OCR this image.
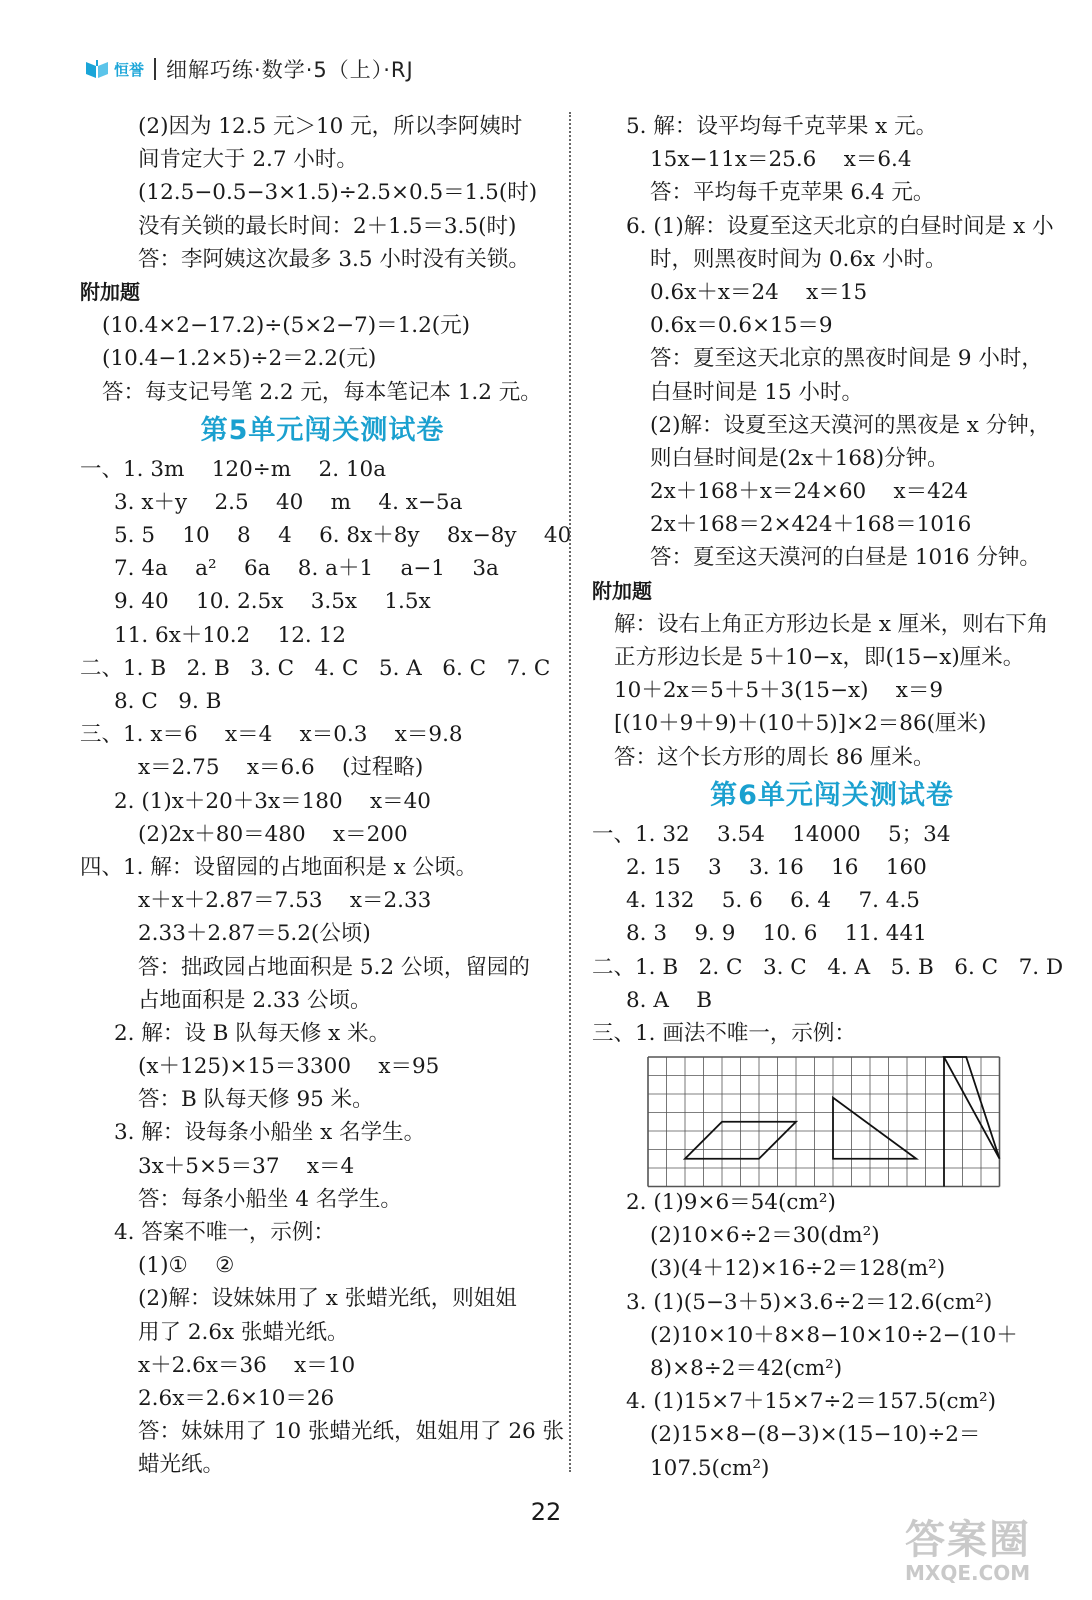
恒誉 细解巧练·数学·5（上）·RJ
(2)因为 12.5 元＞10 元，所以李阿姨时
间肯定大于 2.7 小时。
(12.5−0.5−3×1.5)÷2.5×0.5＝1.5(时)
没有关锁的最长时间：2＋1.5＝3.5(时)
答：李阿姨这次最多 3.5 小时没有关锁。
附加题
(10.4×2−17.2)÷(5×2−7)＝1.2(元)
(10.4−1.2×5)÷2＝2.2(元)
答：每支记号笔 2.2 元，每本笔记本 1.2 元。
第5单元闯关测试卷
一、1. 3m    120÷m    2. 10a
3. x＋y    2.5    40    m    4. x−5a
5. 5    10    8    4    6. 8x＋8y    8x−8y    40
7. 4a    a²    6a    8. a＋1    a−1    3a
9. 40    10. 2.5x    3.5x    1.5x
11. 6x＋10.2    12. 12
二、1. B   2. B   3. C   4. C   5. A   6. C   7. C
8. C   9. B
三、1. x＝6    x＝4    x＝0.3    x＝9.8
x＝2.75    x＝6.6    (过程略)
2. (1)x＋20＋3x＝180    x＝40
(2)2x＋80＝480    x＝200
四、1. 解：设留园的占地面积是 x 公顷。
x＋x＋2.87＝7.53    x＝2.33
2.33＋2.87＝5.2(公顷)
答：拙政园占地面积是 5.2 公顷，留园的
占地面积是 2.33 公顷。
2. 解：设 B 队每天修 x 米。
(x＋125)×15＝3300    x＝95
答：B 队每天修 95 米。
3. 解：设每条小船坐 x 名学生。
3x＋5×5＝37    x＝4
答：每条小船坐 4 名学生。
4. 答案不唯一，示例：
(1)①    ②
(2)解：设妹妹用了 x 张蜡光纸，则姐姐
用了 2.6x 张蜡光纸。
x＋2.6x＝36    x＝10
2.6x＝2.6×10＝26
答：妹妹用了 10 张蜡光纸，姐姐用了 26 张
蜡光纸。
5. 解：设平均每千克苹果 x 元。
15x−11x＝25.6    x＝6.4
答：平均每千克苹果 6.4 元。
6. (1)解：设夏至这天北京的白昼时间是 x 小
时，则黑夜时间为 0.6x 小时。
0.6x＋x＝24    x＝15
0.6x＝0.6×15＝9
答：夏至这天北京的黑夜时间是 9 小时，
白昼时间是 15 小时。
(2)解：设夏至这天漠河的黑夜是 x 分钟，
则白昼时间是(2x＋168)分钟。
2x＋168＋x＝24×60    x＝424
2x＋168＝2×424＋168＝1016
答：夏至这天漠河的白昼是 1016 分钟。
附加题
解：设右上角正方形边长是 x 厘米，则右下角
正方形边长是 5＋10−x，即(15−x)厘米。
10＋2x＝5＋5＋3(15−x)    x＝9
[(10＋9＋9)＋(10＋5)]×2＝86(厘米)
答：这个长方形的周长 86 厘米。
第6单元闯关测试卷
一、1. 32    3.54    14000    5；34
2. 15    3    3. 16    16    160
4. 132    5. 6    6. 4    7. 4.5
8. 3    9. 9    10. 6    11. 441
二、1. B   2. C   3. C   4. A   5. B   6. C   7. D
8. A    B
三、1. 画法不唯一，示例：
2. (1)9×6＝54(cm²)
(2)10×6÷2＝30(dm²)
(3)(4＋12)×16÷2＝128(m²)
3. (1)(5−3＋5)×3.6÷2＝12.6(cm²)
(2)10×10＋8×8−10×10÷2−(10＋
8)×8÷2＝42(cm²)
4. (1)15×7＋15×7÷2＝157.5(cm²)
(2)15×8−(8−3)×(15−10)÷2＝
107.5(cm²)
22
答案圈
MXQE.COM
